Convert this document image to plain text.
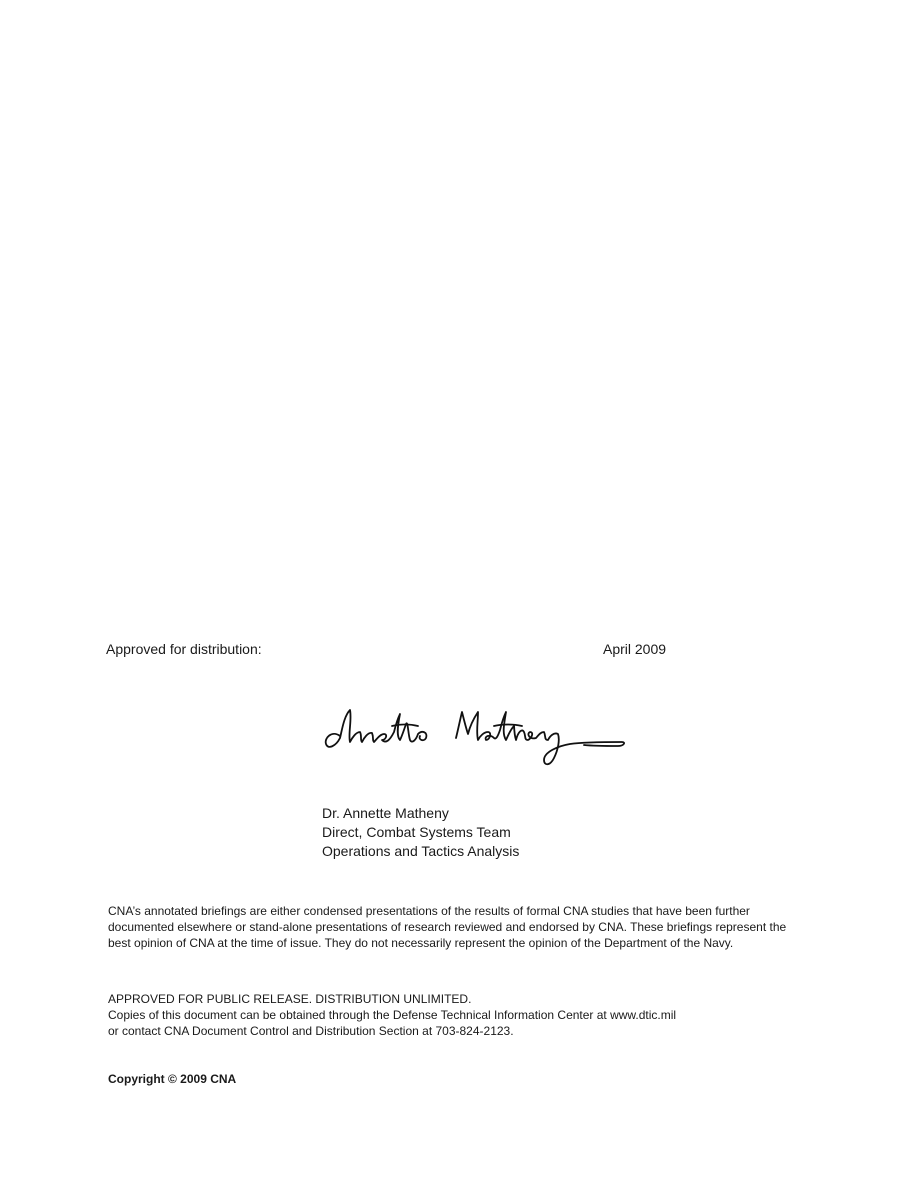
Approved for distribution:	April 2009
Dr. Annette Matheny
Direct, Combat Systems Team
Operations and Tactics Analysis

CNA’s annotated briefings are either condensed presentations of the results of formal CNA studies that have been further documented elsewhere or stand-alone presentations of research reviewed and endorsed by CNA. These briefings represent the best opinion of CNA at the time of issue. They do not necessarily represent the opinion of the Department of the Navy.

APPROVED FOR PUBLIC RELEASE. DISTRIBUTION UNLIMITED.
Copies of this document can be obtained through the Defense Technical Information Center at www.dtic.mil
or contact CNA Document Control and Distribution Section at 703-824-2123.
Copyright © 2009 CNA
